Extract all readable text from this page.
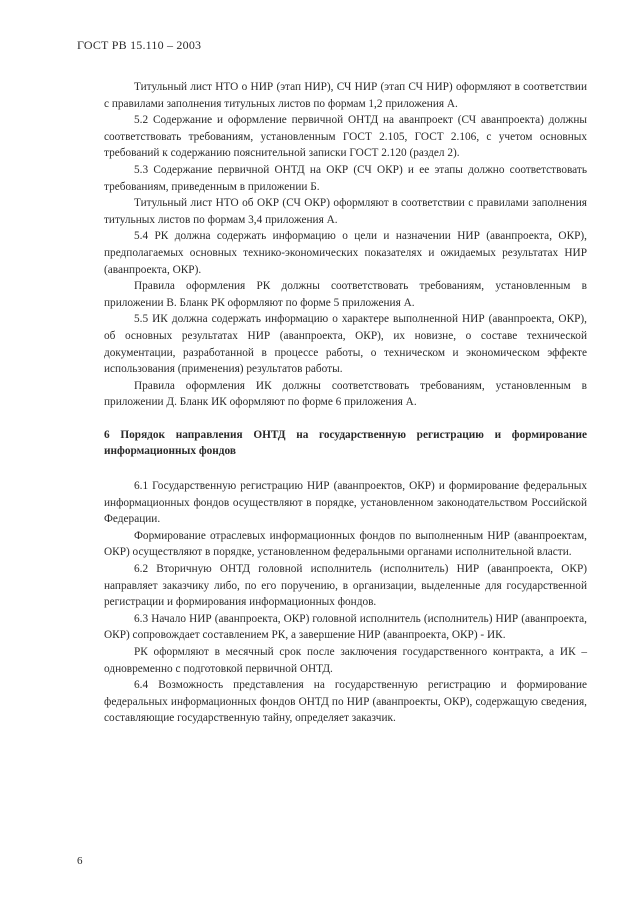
ГОСТ РВ 15.110 – 2003

Титульный лист НТО о НИР (этап НИР), СЧ НИР (этап СЧ НИР) оформляют в соответствии с правилами заполнения титульных листов по формам 1,2 приложения А.

5.2 Содержание и оформление первичной ОНТД на аванпроект (СЧ аванпроекта) должны соответствовать требованиям, установленным ГОСТ 2.105, ГОСТ 2.106, с учетом основных требований к содержанию пояснительной записки ГОСТ 2.120 (раздел 2).

5.3 Содержание первичной ОНТД на ОКР (СЧ ОКР) и ее этапы должно соответствовать требованиям, приведенным в приложении Б.

Титульный лист НТО об ОКР (СЧ ОКР) оформляют в соответствии с правилами заполнения титульных листов по формам 3,4 приложения А.

5.4 РК должна содержать информацию о цели и назначении НИР (аванпроекта, ОКР), предполагаемых основных технико-экономических показателях и ожидаемых результатах НИР (аванпроекта, ОКР).

Правила оформления РК должны соответствовать требованиям, установленным в приложении В. Бланк РК оформляют по форме 5 приложения А.

5.5 ИК должна содержать информацию о характере выполненной НИР (аванпроекта, ОКР), об основных результатах НИР (аванпроекта, ОКР), их новизне, о составе технической документации, разработанной в процессе работы, о техническом и экономическом эффекте использования (применения) результатов работы.

Правила оформления ИК должны соответствовать требованиям, установленным в приложении Д. Бланк ИК оформляют по форме 6 приложения А.

6 Порядок направления ОНТД на государственную регистрацию и формирование информационных фондов

6.1 Государственную регистрацию НИР (аванпроектов, ОКР) и формирование федеральных информационных фондов осуществляют в порядке, установленном законодательством Российской Федерации.

Формирование отраслевых информационных фондов по выполненным НИР (аванпроектам, ОКР) осуществляют в порядке, установленном федеральными органами исполнительной власти.

6.2 Вторичную ОНТД головной исполнитель (исполнитель) НИР (аванпроекта, ОКР) направляет заказчику либо, по его поручению, в организации, выделенные для государственной регистрации и формирования информационных фондов.

6.3 Начало НИР (аванпроекта, ОКР) головной исполнитель (исполнитель) НИР (аванпроекта, ОКР) сопровождает составлением РК, а завершение НИР (аванпроекта, ОКР) - ИК.

РК оформляют в месячный срок после заключения государственного контракта, а ИК – одновременно с подготовкой первичной ОНТД.

6.4 Возможность представления на государственную регистрацию и формирование федеральных информационных фондов ОНТД по НИР (аванпроекты, ОКР), содержащую сведения, составляющие государственную тайну, определяет заказчик.

6
